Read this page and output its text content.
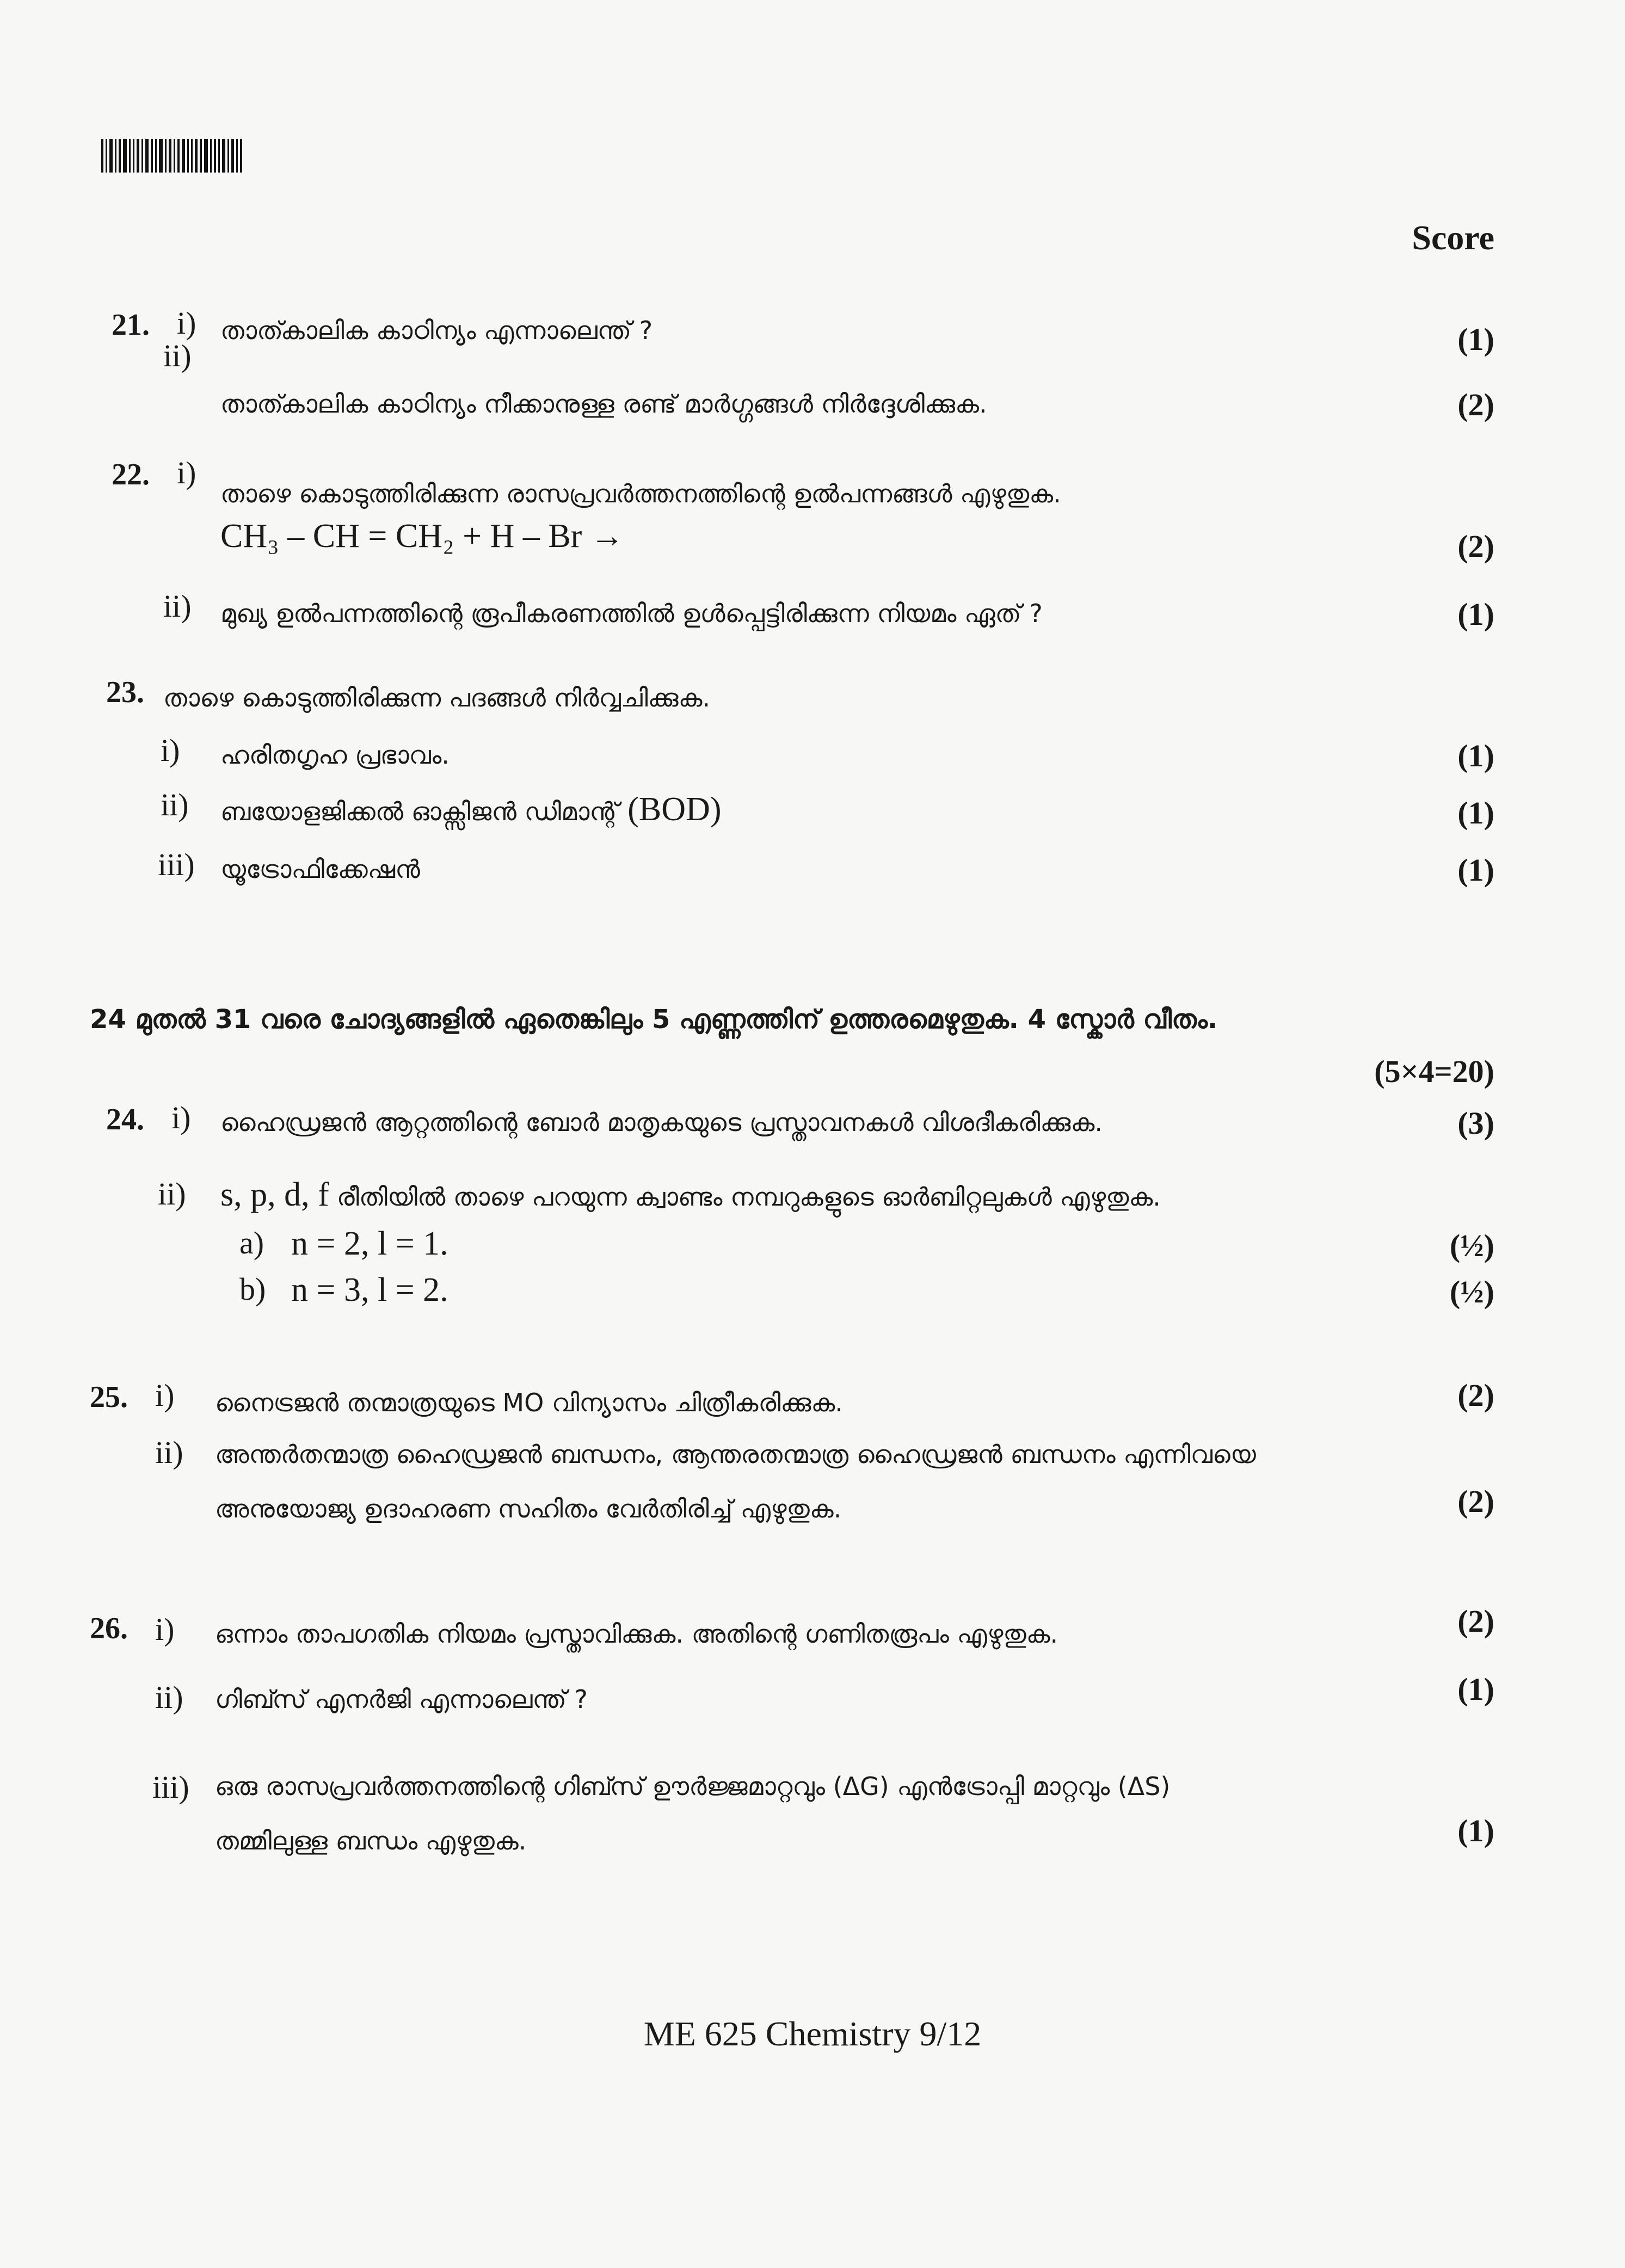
Score
21. i) താത്കാലിക കാഠിന്യം എന്നാലെന്ത് ?	(1)
ii)
താത്കാലിക കാഠിന്യം നീക്കാനുള്ള രണ്ട് മാർഗ്ഗങ്ങൾ നിർദ്ദേശിക്കുക.	(2)
22. i)
താഴെ കൊടുത്തിരിക്കുന്ന രാസപ്രവർത്തനത്തിന്റെ ഉൽപന്നങ്ങൾ എഴുതുക.
CH₃ – CH = CH₂ + H – Br →	(2)
ii) മുഖ്യ ഉൽപന്നത്തിന്റെ രൂപീകരണത്തിൽ ഉൾപ്പെട്ടിരിക്കുന്ന നിയമം ഏത് ?	(1)
23. താഴെ കൊടുത്തിരിക്കുന്ന പദങ്ങൾ നിർവ്വചിക്കുക.
i) ഹരിതഗൃഹ പ്രഭാവം.	(1)
ii) ബയോളജിക്കൽ ഓക്സിജൻ ഡിമാന്റ് (BOD)	(1)
iii) യൂട്രോഫിക്കേഷൻ	(1)
24 മുതൽ 31 വരെ ചോദ്യങ്ങളിൽ ഏതെങ്കിലും 5 എണ്ണത്തിന് ഉത്തരമെഴുതുക. 4 സ്കോർ വീതം.
(5×4=20)
24. i) ഹൈഡ്രജൻ ആറ്റത്തിന്റെ ബോർ മാതൃകയുടെ പ്രസ്താവനകൾ വിശദീകരിക്കുക.	(3)
ii) s, p, d, f രീതിയിൽ താഴെ പറയുന്ന ക്വാണ്ടം നമ്പറുകളുടെ ഓർബിറ്റലുകൾ എഴുതുക.
a) n = 2, l = 1.	(½)
b) n = 3, l = 2.	(½)
25. i) നൈട്രജൻ തന്മാത്രയുടെ MO വിന്യാസം ചിത്രീകരിക്കുക.	(2)
ii) അന്തർതന്മാത്ര ഹൈഡ്രജൻ ബന്ധനം, ആന്തരതന്മാത്ര ഹൈഡ്രജൻ ബന്ധനം എന്നിവയെ
അനുയോജ്യ ഉദാഹരണ സഹിതം വേർതിരിച്ച് എഴുതുക.	(2)
26. i) ഒന്നാം താപഗതിക നിയമം പ്രസ്താവിക്കുക. അതിന്റെ ഗണിതരൂപം എഴുതുക.	(2)
ii) ഗിബ്സ് എനർജി എന്നാലെന്ത് ?	(1)
iii) ഒരു രാസപ്രവർത്തനത്തിന്റെ ഗിബ്സ് ഊർജ്ജമാറ്റവും (ΔG) എൻട്രോപ്പി മാറ്റവും (ΔS)
തമ്മിലുള്ള ബന്ധം എഴുതുക.	(1)
ME 625 Chemistry 9/12
